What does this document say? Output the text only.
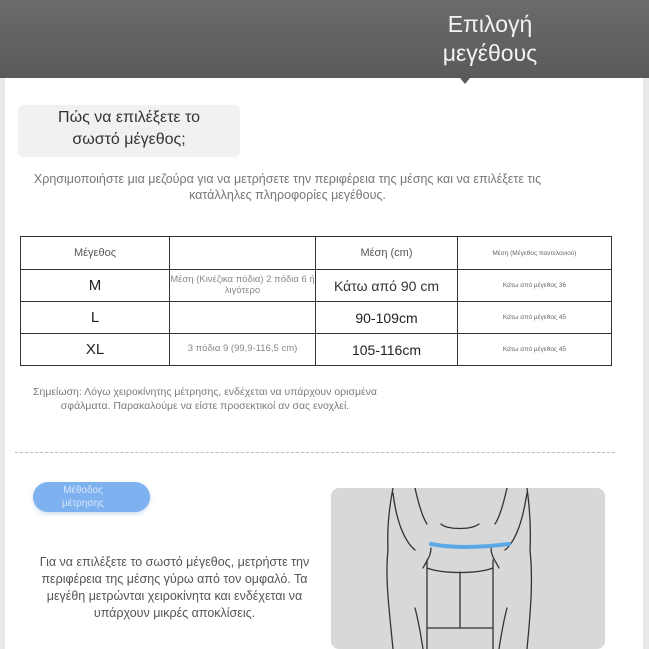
Επιλογή
μεγέθους
Πώς να επιλέξετε το
σωστό μέγεθος;
Χρησιμοποιήστε μια μεζούρα για να μετρήσετε την περιφέρεια της μέσης και να επιλέξετε τις κατάλληλες πληροφορίες μεγέθους.
Μέγεθος		Μέση (cm)	Μέση (Μέγεθος παντελονιού)
M	Μέση (Κινέζικα πόδια) 2 πόδια 6 ή λιγότερο	Κάτω από 90 cm	Κάτω από μέγεθος 36
L		90-109cm	Κάτω από μέγεθος 45
XL	3 πόδια 9 (99,9-116,5 cm)	105-116cm	Κάτω από μέγεθος 45
Σημείωση: Λόγω χειροκίνητης μέτρησης, ενδέχεται να υπάρχουν ορισμένα σφάλματα. Παρακαλούμε να είστε προσεκτικοί αν σας ενοχλεί.
Μέθοδος
μέτρησης
Για να επιλέξετε το σωστό μέγεθος, μετρήστε την περιφέρεια της μέσης γύρω από τον ομφαλό. Τα μεγέθη μετρώνται χειροκίνητα και ενδέχεται να υπάρχουν μικρές αποκλίσεις.
